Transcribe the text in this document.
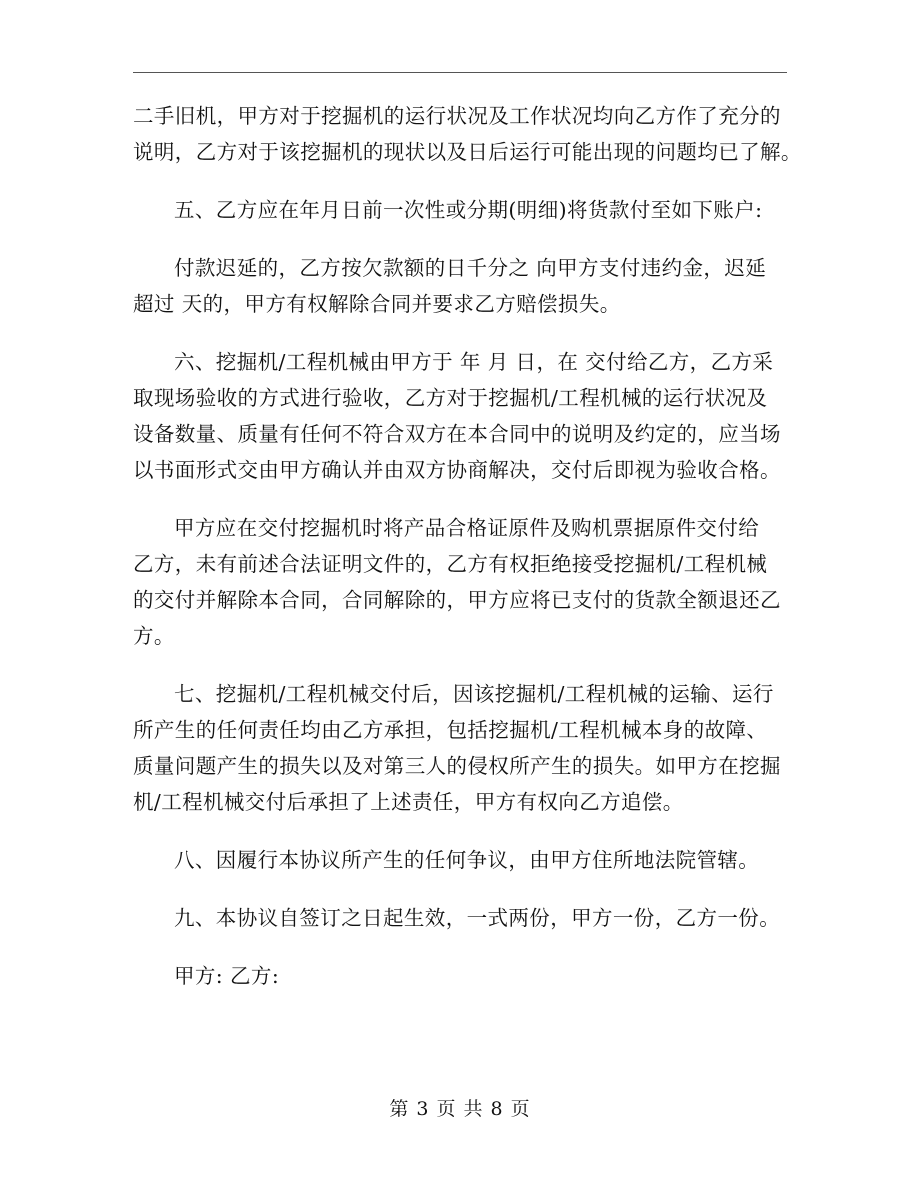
二手旧机，甲方对于挖掘机的运行状况及工作状况均向乙方作了充分的
说明，乙方对于该挖掘机的现状以及日后运行可能出现的问题均已了解。
五、乙方应在年月日前一次性或分期(明细)将货款付至如下账户:
付款迟延的，乙方按欠款额的日千分之 向甲方支付违约金，迟延
超过 天的，甲方有权解除合同并要求乙方赔偿损失。
六、挖掘机/工程机械由甲方于 年 月 日，在 交付给乙方，乙方采
取现场验收的方式进行验收，乙方对于挖掘机/工程机械的运行状况及
设备数量、质量有任何不符合双方在本合同中的说明及约定的，应当场
以书面形式交由甲方确认并由双方协商解决，交付后即视为验收合格。
甲方应在交付挖掘机时将产品合格证原件及购机票据原件交付给
乙方，未有前述合法证明文件的，乙方有权拒绝接受挖掘机/工程机械
的交付并解除本合同，合同解除的，甲方应将已支付的货款全额退还乙
方。
七、挖掘机/工程机械交付后，因该挖掘机/工程机械的运输、运行
所产生的任何责任均由乙方承担，包括挖掘机/工程机械本身的故障、
质量问题产生的损失以及对第三人的侵权所产生的损失。如甲方在挖掘
机/工程机械交付后承担了上述责任，甲方有权向乙方追偿。
八、因履行本协议所产生的任何争议，由甲方住所地法院管辖。
九、本协议自签订之日起生效，一式两份，甲方一份，乙方一份。
甲方: 乙方:
第 3 页 共 8 页
